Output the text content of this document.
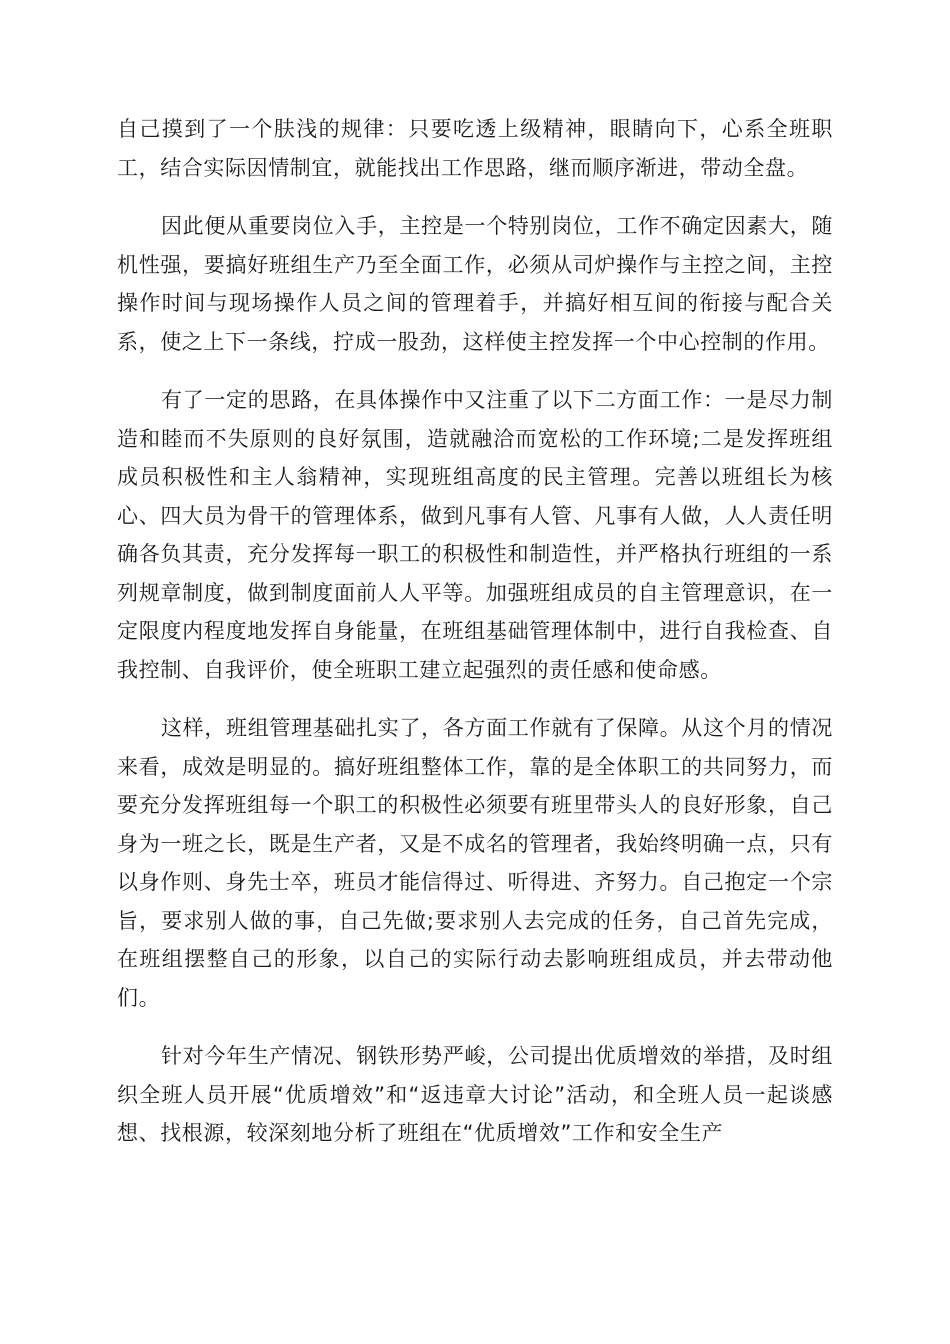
自己摸到了一个肤浅的规律：只要吃透上级精神，眼睛向下，心系全班职工，结合实际因情制宜，就能找出工作思路，继而顺序渐进，带动全盘。

因此便从重要岗位入手，主控是一个特别岗位，工作不确定因素大，随机性强，要搞好班组生产乃至全面工作，必须从司炉操作与主控之间，主控操作时间与现场操作人员之间的管理着手，并搞好相互间的衔接与配合关系，使之上下一条线，拧成一股劲，这样使主控发挥一个中心控制的作用。

有了一定的思路，在具体操作中又注重了以下二方面工作：一是尽力制造和睦而不失原则的良好氛围，造就融洽而宽松的工作环境;二是发挥班组成员积极性和主人翁精神，实现班组高度的民主管理。完善以班组长为核心、四大员为骨干的管理体系，做到凡事有人管、凡事有人做，人人责任明确各负其责，充分发挥每一职工的积极性和制造性，并严格执行班组的一系列规章制度，做到制度面前人人平等。加强班组成员的自主管理意识，在一定限度内程度地发挥自身能量，在班组基础管理体制中，进行自我检查、自我控制、自我评价，使全班职工建立起强烈的责任感和使命感。

这样，班组管理基础扎实了，各方面工作就有了保障。从这个月的情况来看，成效是明显的。搞好班组整体工作，靠的是全体职工的共同努力，而要充分发挥班组每一个职工的积极性必须要有班里带头人的良好形象，自己身为一班之长，既是生产者，又是不成名的管理者，我始终明确一点，只有以身作则、身先士卒，班员才能信得过、听得进、齐努力。自己抱定一个宗旨，要求别人做的事，自己先做;要求别人去完成的任务，自己首先完成，在班组摆整自己的形象，以自己的实际行动去影响班组成员，并去带动他们。

针对今年生产情况、钢铁形势严峻，公司提出优质增效的举措，及时组织全班人员开展“优质增效”和“返违章大讨论”活动，和全班人员一起谈感想、找根源，较深刻地分析了班组在“优质增效”工作和安全生产
